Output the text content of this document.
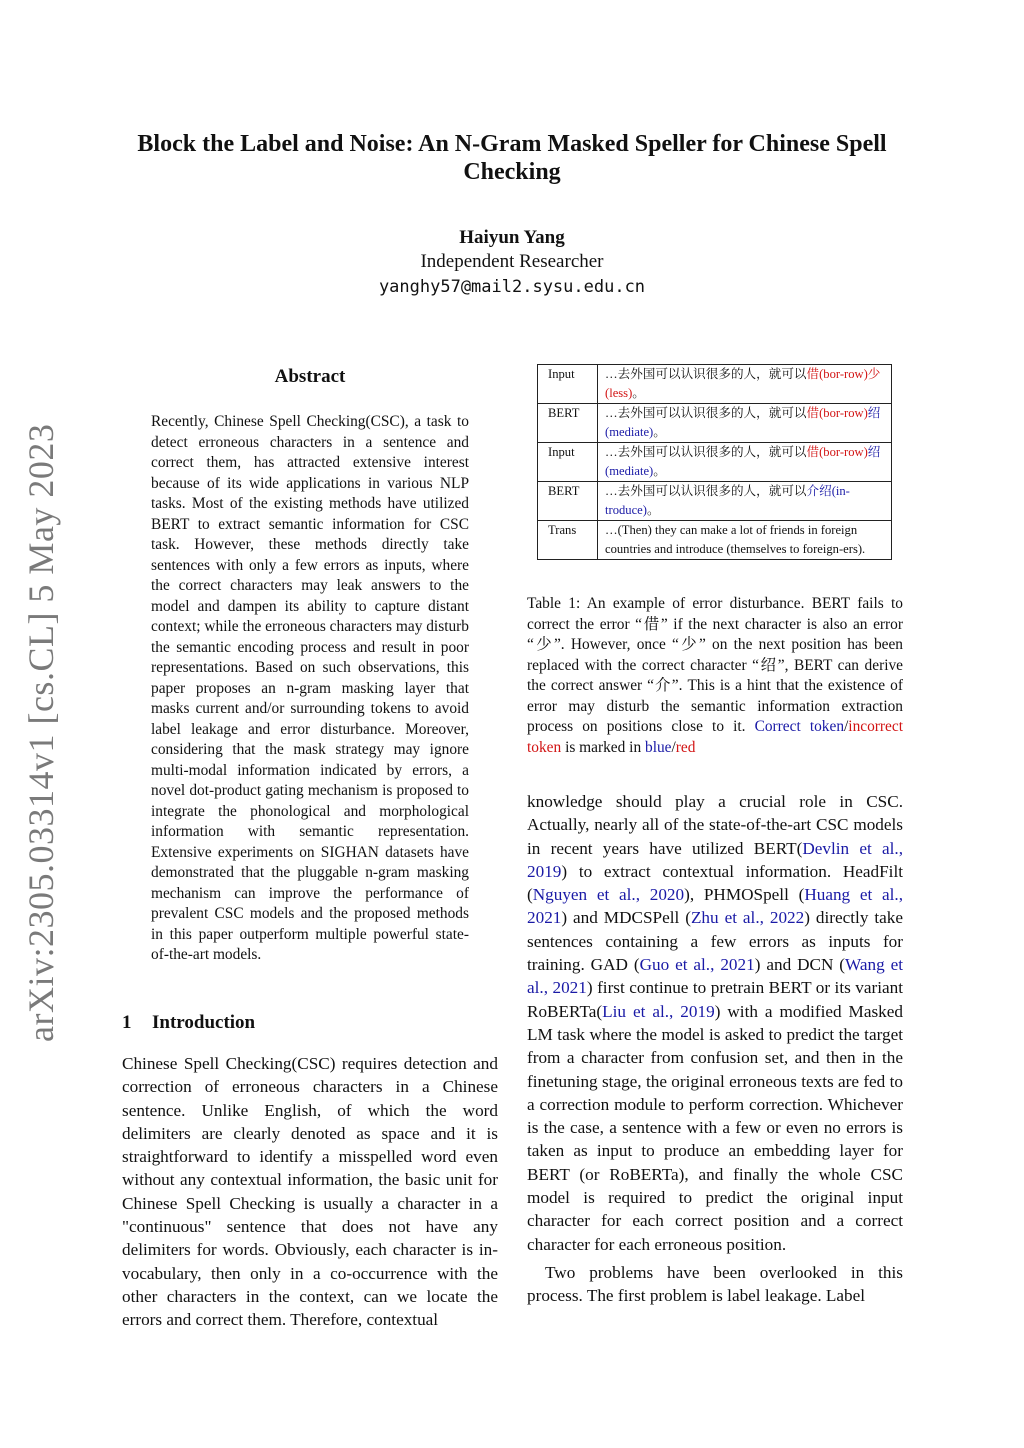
arXiv:2305.03314v1 [cs.CL] 5 May 2023
Block the Label and Noise: An N-Gram Masked Speller for Chinese Spell Checking
Haiyun Yang
Independent Researcher
yanghy57@mail2.sysu.edu.cn
Abstract
Recently, Chinese Spell Checking(CSC), a task to detect erroneous characters in a sentence and correct them, has attracted extensive interest because of its wide applications in various NLP tasks. Most of the existing methods have utilized BERT to extract semantic information for CSC task. However, these methods directly take sentences with only a few errors as inputs, where the correct characters may leak answers to the model and dampen its ability to capture distant context; while the erroneous characters may disturb the semantic encoding process and result in poor representations. Based on such observations, this paper proposes an n-gram masking layer that masks current and/or surrounding tokens to avoid label leakage and error disturbance. Moreover, considering that the mask strategy may ignore multi-modal information indicated by errors, a novel dot-product gating mechanism is proposed to integrate the phonological and morphological information with semantic representation. Extensive experiments on SIGHAN datasets have demonstrated that the pluggable n-gram masking mechanism can improve the performance of prevalent CSC models and the proposed methods in this paper outperform multiple powerful state-of-the-art models.
Input	…去外国可以认识很多的人，就可以借(bor-row)少(less)。
BERT	…去外国可以认识很多的人，就可以借(bor-row)绍(mediate)。
Input	…去外国可以认识很多的人，就可以借(bor-row)绍(mediate)。
BERT	…去外国可以认识很多的人，就可以介绍(in-troduce)。
Trans	…(Then) they can make a lot of friends in foreign countries and introduce (themselves to foreign-ers).
Table 1: An example of error disturbance. BERT fails to correct the error “借” if the next character is also an error “少”. However, once “少” on the next position has been replaced with the correct character “绍”, BERT can derive the correct answer “介”. This is a hint that the existence of error may disturb the semantic information extraction process on positions close to it. Correct token/incorrect token is marked in blue/red
1 Introduction

Chinese Spell Checking(CSC) requires detection and correction of erroneous characters in a Chinese sentence. Unlike English, of which the word delimiters are clearly denoted as space and it is straightforward to identify a misspelled word even without any contextual information, the basic unit for Chinese Spell Checking is usually a character in a "continuous" sentence that does not have any delimiters for words. Obviously, each character is in-vocabulary, then only in a co-occurrence with the other characters in the context, can we locate the errors and correct them. Therefore, contextual

knowledge should play a crucial role in CSC. Actually, nearly all of the state-of-the-art CSC models in recent years have utilized BERT(Devlin et al., 2019) to extract contextual information. HeadFilt (Nguyen et al., 2020), PHMOSpell (Huang et al., 2021) and MDCSPell (Zhu et al., 2022) directly take sentences containing a few errors as inputs for training. GAD (Guo et al., 2021) and DCN (Wang et al., 2021) first continue to pretrain BERT or its variant RoBERTa(Liu et al., 2019) with a modified Masked LM task where the model is asked to predict the target from a character from confusion set, and then in the finetuning stage, the original erroneous texts are fed to a correction module to perform correction. Whichever is the case, a sentence with a few or even no errors is taken as input to produce an embedding layer for BERT (or RoBERTa), and finally the whole CSC model is required to predict the original input character for each correct position and a correct character for each erroneous position.

Two problems have been overlooked in this process. The first problem is label leakage. Label
